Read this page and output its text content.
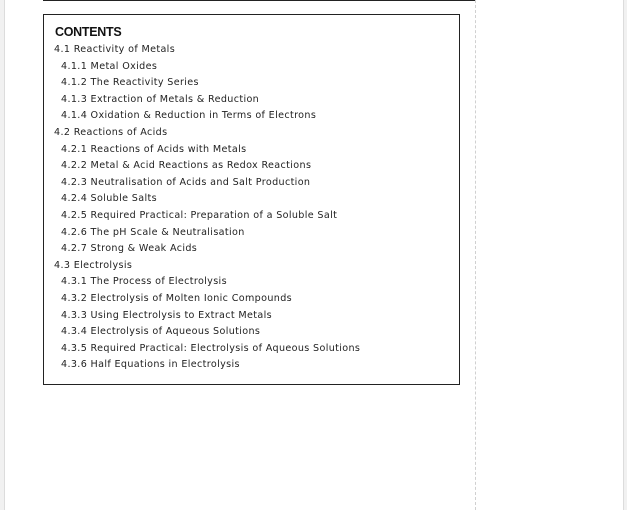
CONTENTS
4.1 Reactivity of Metals
4.1.1 Metal Oxides
4.1.2 The Reactivity Series
4.1.3 Extraction of Metals & Reduction
4.1.4 Oxidation & Reduction in Terms of Electrons
4.2 Reactions of Acids
4.2.1 Reactions of Acids with Metals
4.2.2 Metal & Acid Reactions as Redox Reactions
4.2.3 Neutralisation of Acids and Salt Production
4.2.4 Soluble Salts
4.2.5 Required Practical: Preparation of a Soluble Salt
4.2.6 The pH Scale & Neutralisation
4.2.7 Strong & Weak Acids
4.3 Electrolysis
4.3.1 The Process of Electrolysis
4.3.2 Electrolysis of Molten Ionic Compounds
4.3.3 Using Electrolysis to Extract Metals
4.3.4 Electrolysis of Aqueous Solutions
4.3.5 Required Practical: Electrolysis of Aqueous Solutions
4.3.6 Half Equations in Electrolysis
